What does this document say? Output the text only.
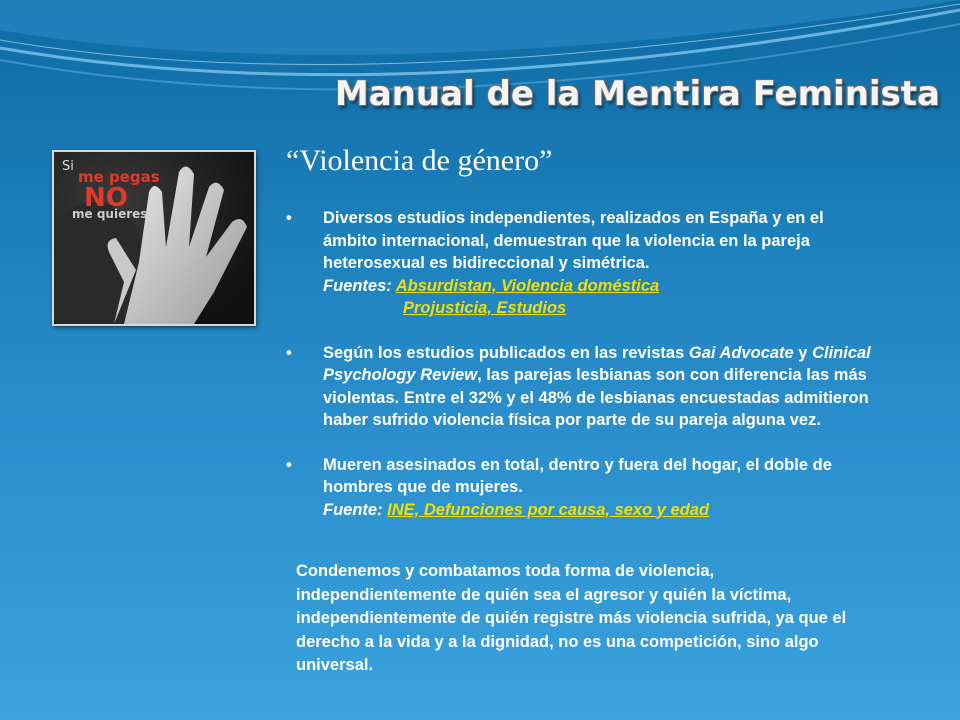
Manual de la Mentira Feminista
Si
me pegas
NO
me quieres
“Violencia de género”
• Diversos estudios independientes, realizados en España y en el
ámbito internacional, demuestran que la violencia en la pareja
heterosexual es bidireccional y simétrica.
Fuentes: Absurdistan, Violencia doméstica
Projusticia, Estudios
• Según los estudios publicados en las revistas Gai Advocate y Clinical
Psychology Review, las parejas lesbianas son con diferencia las más
violentas. Entre el 32% y el 48% de lesbianas encuestadas admitieron
haber sufrido violencia física por parte de su pareja alguna vez.
• Mueren asesinados en total, dentro y fuera del hogar, el doble de
hombres que de mujeres.
Fuente: INE, Defunciones por causa, sexo y edad
Condenemos y combatamos toda forma de violencia,
independientemente de quién sea el agresor y quién la víctima,
independientemente de quién registre más violencia sufrida, ya que el
derecho a la vida y a la dignidad, no es una competición, sino algo
universal.
